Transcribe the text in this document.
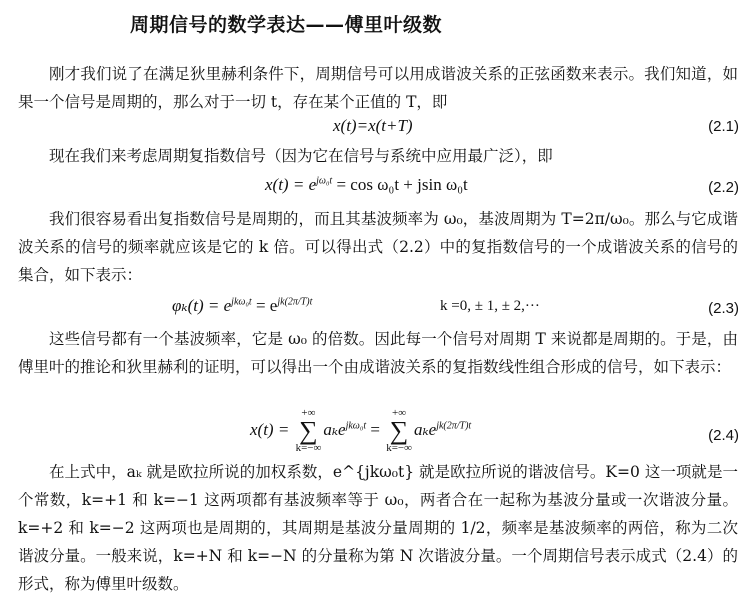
周期信号的数学表达——傅里叶级数
刚才我们说了在满足狄里赫利条件下，周期信号可以用成谐波关系的正弦函数来表示。我们知道，如果一个信号是周期的，那么对于一切 t，存在某个正值的 T，即
x(t)=x(t+T)	(2.1)
现在我们来考虑周期复指数信号（因为它在信号与系统中应用最广泛），即
$x(t) = e^{j\omega_0t} = \cos \omega_0t + jsin$ ω₀t	(2.2)
我们很容易看出复指数信号是周期的，而且其基波频率为 ω₀，基波周期为 T=2π/ω₀。那么与它成谐波关系的信号的频率就应该是它的 k 倍。可以得出式（2.2）中的复指数信号的一个成谐波关系的信号的集合，如下表示：
$\varphi_k(t) = e^{jk\omega_0t} = e^{jk(2\pi/T)t}$	k =0, ± 1, ± 2,···	(2.3)
这些信号都有一个基波频率，它是 ω₀ 的倍数。因此每一个信号对周期 T 来说都是周期的。于是，由傅里叶的推论和狄里赫利的证明，可以得出一个由成谐波关系的复指数线性组合形成的信号，如下表示：
x(t) =
+∞
∑
k=−∞
aₖe$^{jk\omega_0t}$ =
+∞
∑
k=−∞
aₖe$^{jk(2\pi/T)t}$
(2.4)
在上式中，aₖ 就是欧拉所说的加权系数，e^{jkω₀t} 就是欧拉所说的谐波信号。K=0 这一项就是一个常数，k=+1 和 k=−1 这两项都有基波频率等于 ω₀，两者合在一起称为基波分量或一次谐波分量。k=+2 和 k=−2 这两项也是周期的，其周期是基波分量周期的 1/2，频率是基波频率的两倍，称为二次谐波分量。一般来说，k=+N 和 k=−N 的分量称为第 N 次谐波分量。一个周期信号表示成式（2.4）的形式，称为傅里叶级数。
